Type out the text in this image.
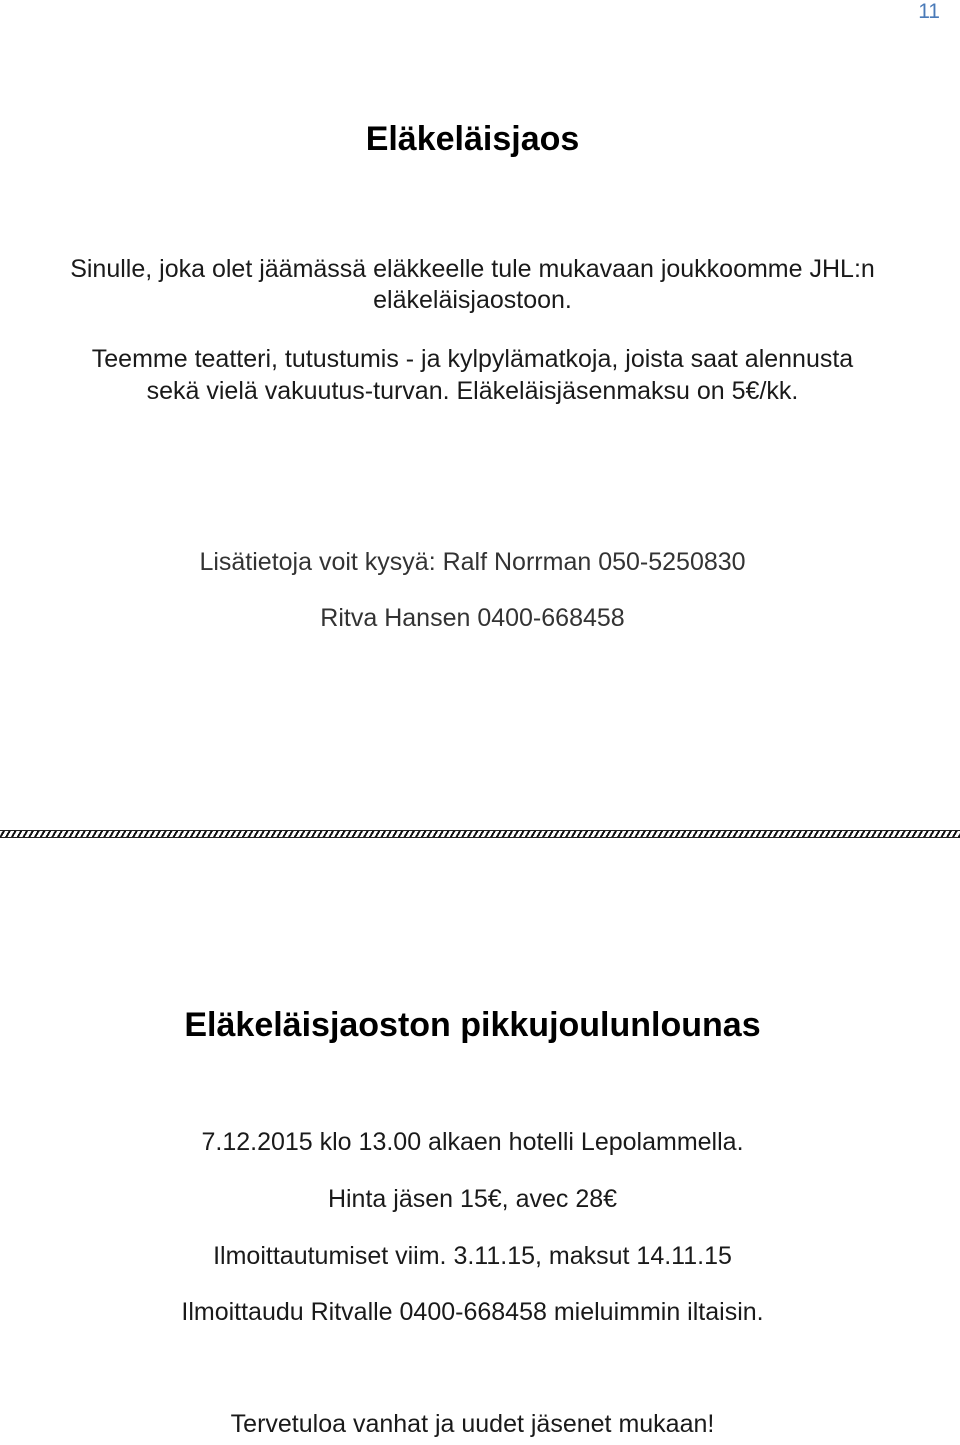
11
Eläkeläisjaos
Sinulle, joka olet jäämässä eläkkeelle tule mukavaan joukkoomme JHL:n
eläkeläisjaostoon.
Teemme teatteri, tutustumis - ja kylpylämatkoja, joista saat alennusta
sekä vielä vakuutus-turvan. Eläkeläisjäsenmaksu on 5€/kk.
Lisätietoja voit kysyä: Ralf Norrman 050-5250830
Ritva Hansen 0400-668458
Eläkeläisjaoston pikkujoulunlounas
7.12.2015 klo 13.00 alkaen hotelli Lepolammella.
Hinta jäsen 15€, avec 28€
Ilmoittautumiset viim. 3.11.15, maksut 14.11.15
Ilmoittaudu Ritvalle 0400-668458 mieluimmin iltaisin.
Tervetuloa vanhat ja uudet jäsenet mukaan!
